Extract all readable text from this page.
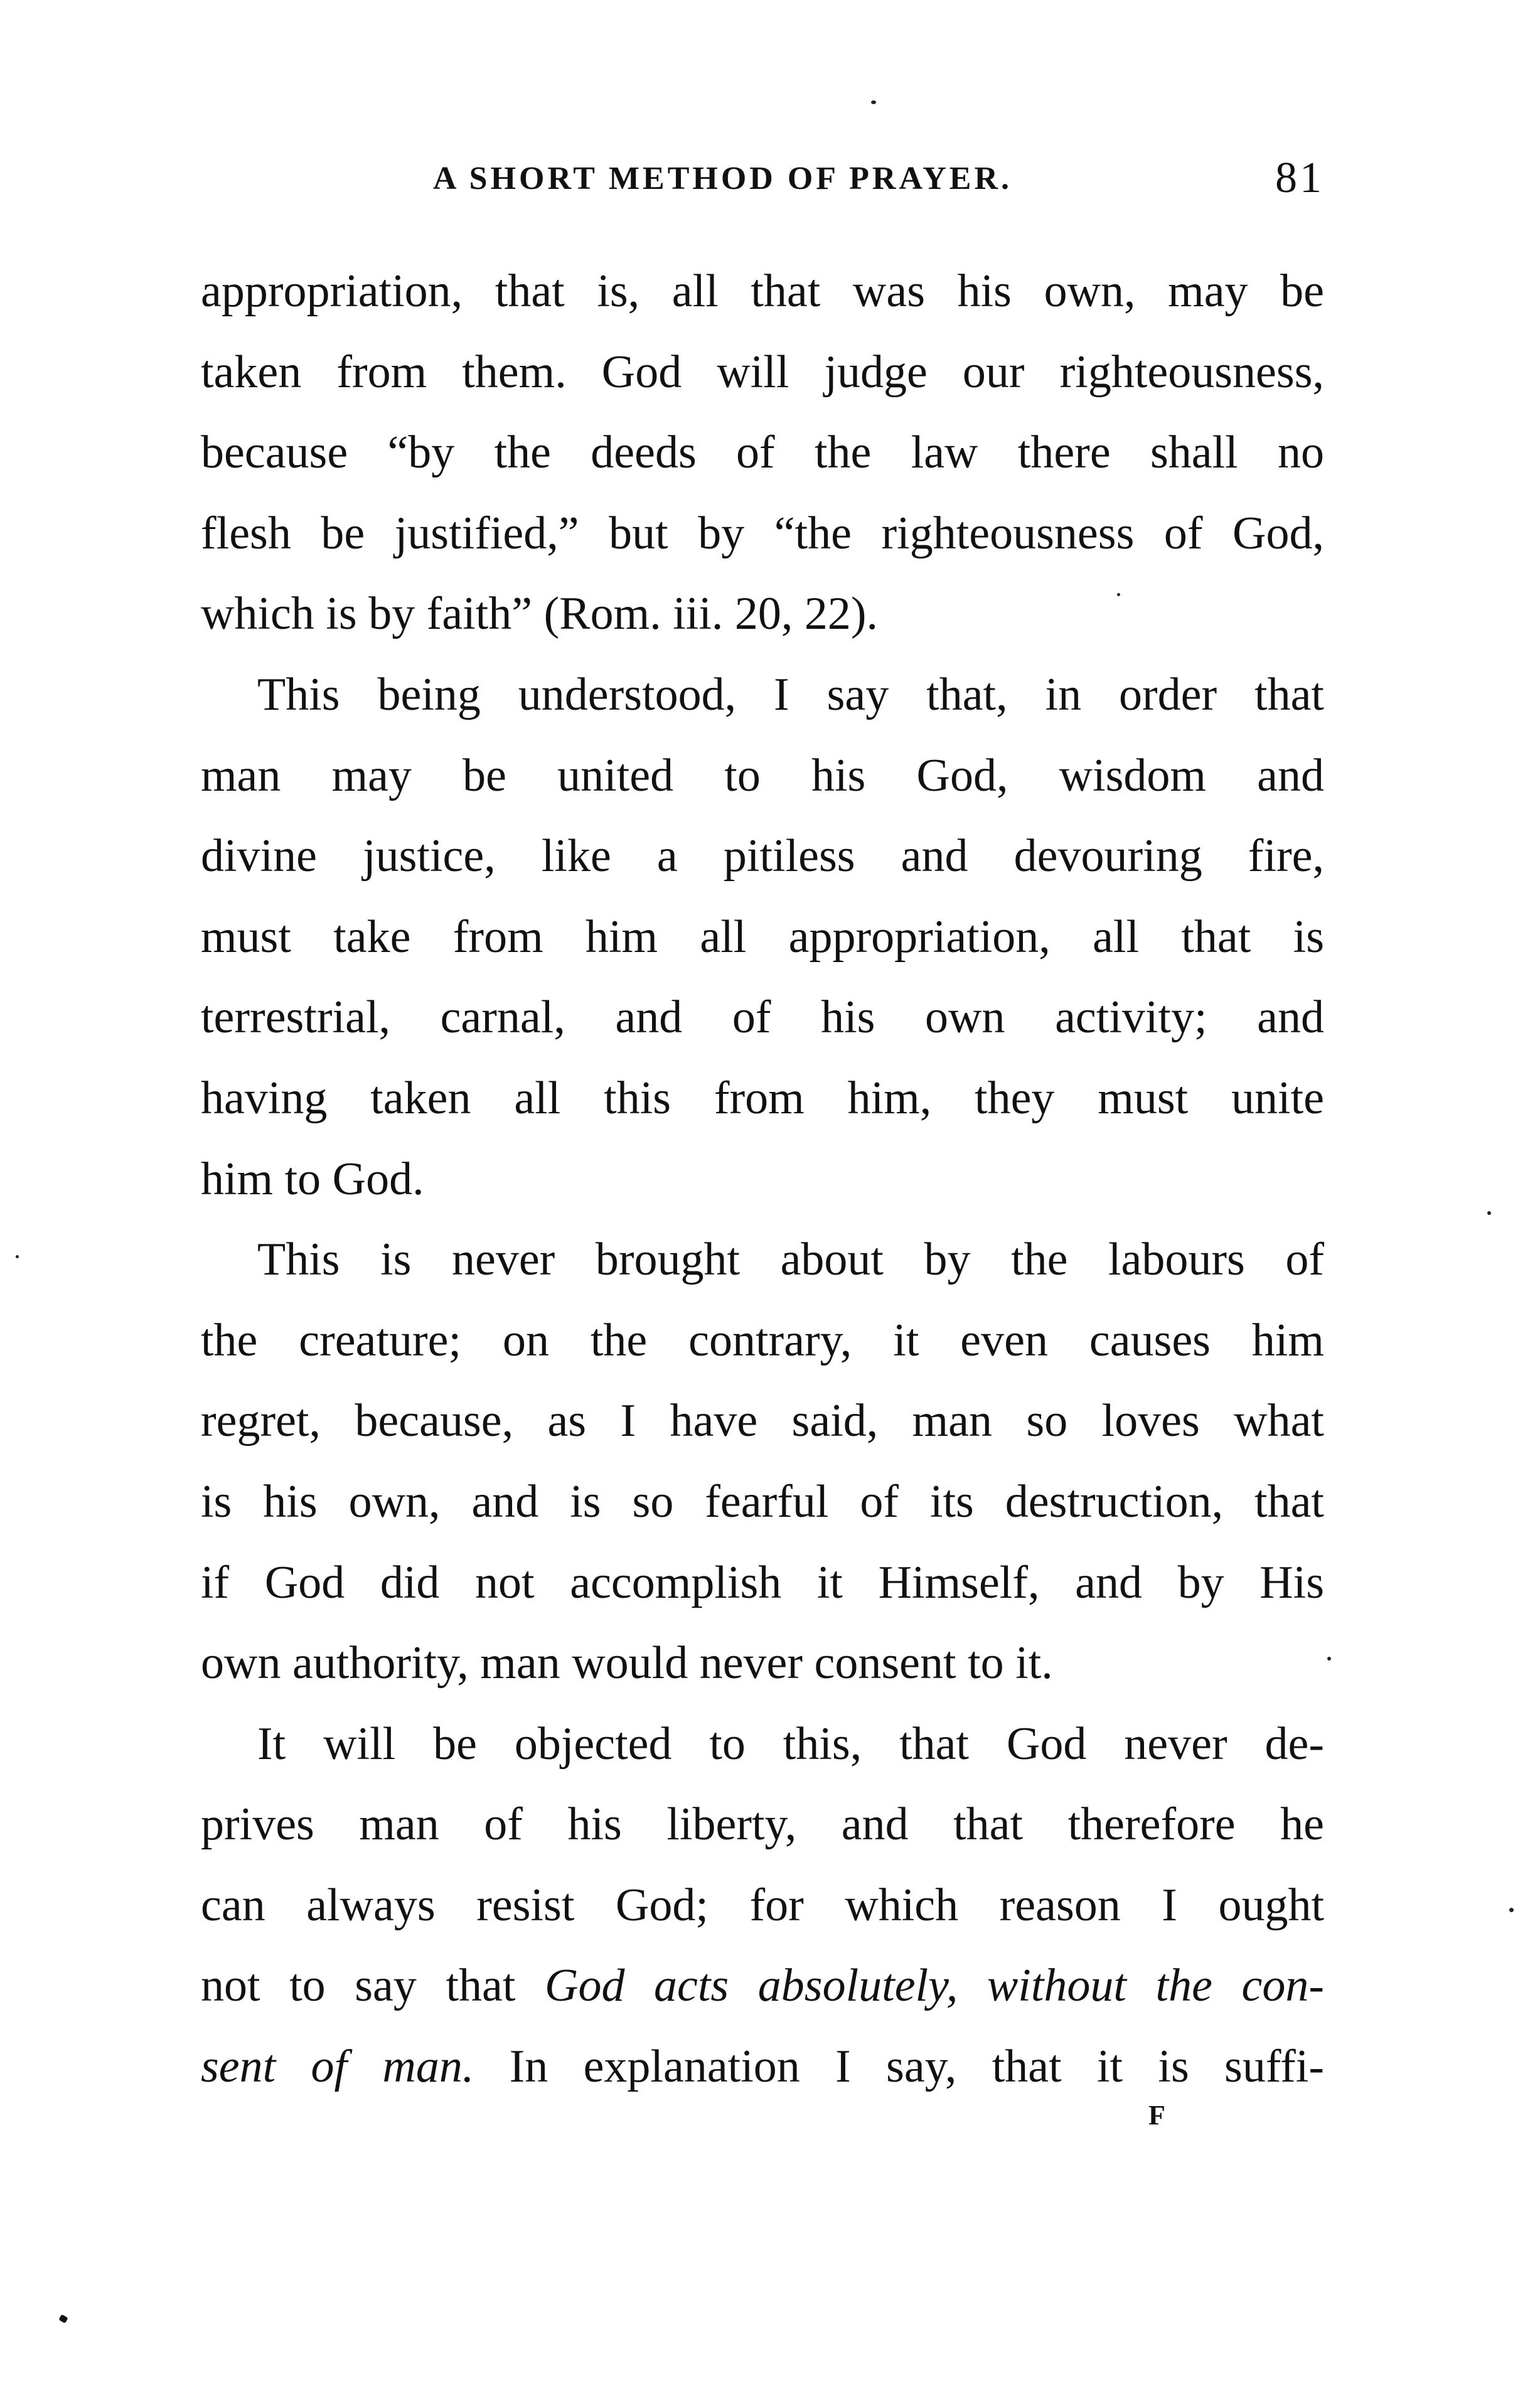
A SHORT METHOD OF PRAYER.	81
appropriation, that is, all that was his own, may be
taken from them. God will judge our righteousness,
because “by the deeds of the law there shall no
flesh be justified,” but by “the righteousness of God,
which is by faith” (Rom. iii. 20, 22).
This being understood, I say that, in order that
man may be united to his God, wisdom and
divine justice, like a pitiless and devouring fire,
must take from him all appropriation, all that is
terrestrial, carnal, and of his own activity; and
having taken all this from him, they must unite
him to God.
This is never brought about by the labours of
the creature; on the contrary, it even causes him
regret, because, as I have said, man so loves what
is his own, and is so fearful of its destruction, that
if God did not accomplish it Himself, and by His
own authority, man would never consent to it.
It will be objected to this, that God never de-
prives man of his liberty, and that therefore he
can always resist God; for which reason I ought
not to say that God acts absolutely, without the con-
sent of man. In explanation I say, that it is suffi-
F
